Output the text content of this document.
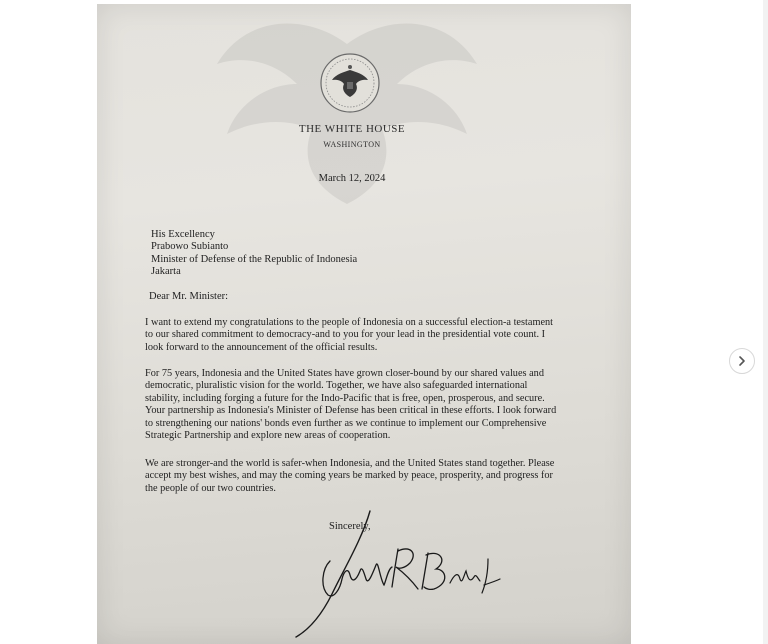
THE WHITE HOUSE
WASHINGTON
March 12, 2024
His Excellency
Prabowo Subianto
Minister of Defense of the Republic of Indonesia
Jakarta
Dear Mr. Minister:

I want to extend my congratulations to the people of Indonesia on a successful election-a testament to our shared commitment to democracy-and to you for your lead in the presidential vote count. I look forward to the announcement of the official results.

For 75 years, Indonesia and the United States have grown closer-bound by our shared values and democratic, pluralistic vision for the world. Together, we have also safeguarded international stability, including forging a future for the Indo-Pacific that is free, open, prosperous, and secure. Your partnership as Indonesia's Minister of Defense has been critical in these efforts. I look forward to strengthening our nations' bonds even further as we continue to implement our Comprehensive Strategic Partnership and explore new areas of cooperation.

We are stronger-and the world is safer-when Indonesia, and the United States stand together. Please accept my best wishes, and may the coming years be marked by peace, prosperity, and progress for the people of our two countries.

Sincerely,
